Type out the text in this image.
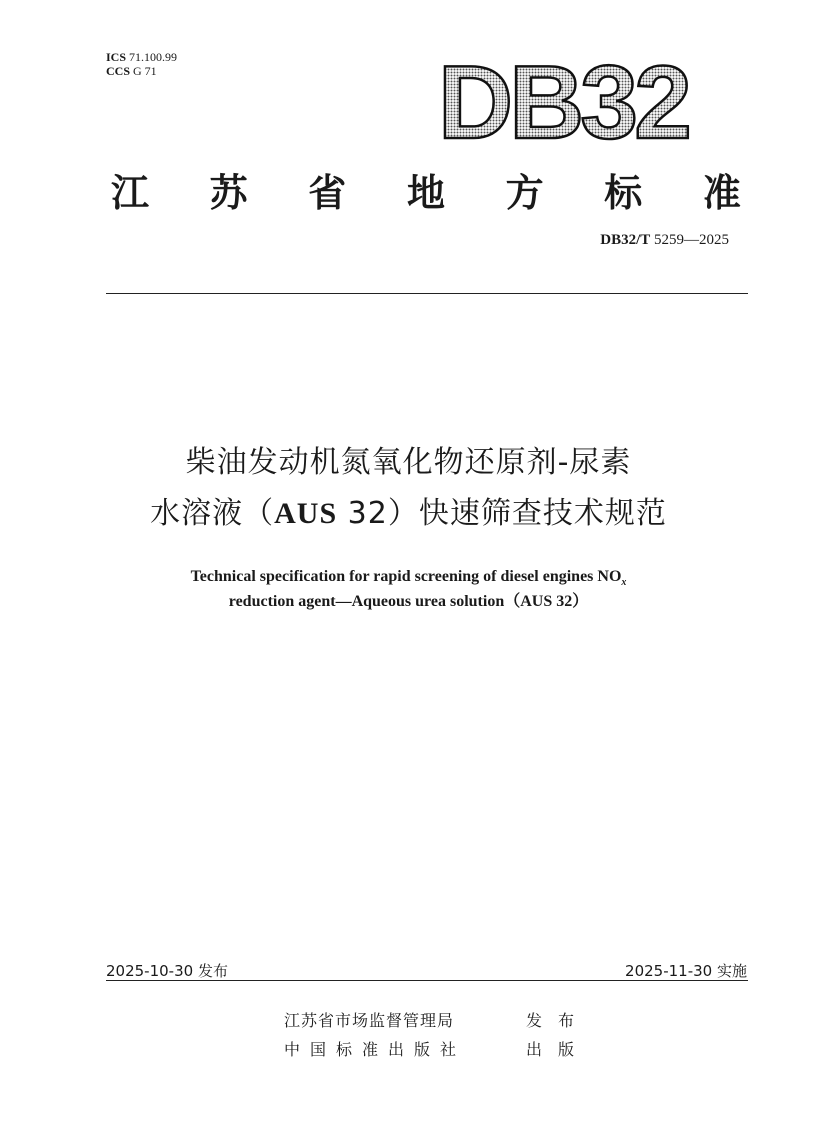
ICS 71.100.99
CCS G 71	DB32
江 苏 省 地 方 标 准
DB32/T 5259—2025
柴油发动机氮氧化物还原剂-尿素
水溶液（AUS 32）快速筛查技术规范
Technical specification for rapid screening of diesel engines $NO_x$
reduction agent—Aqueous urea solution（AUS 32）
2025-10-30 发布	2025-11-30 实施
江苏省市场监督管理局	发布
中国标准出版社	出版
